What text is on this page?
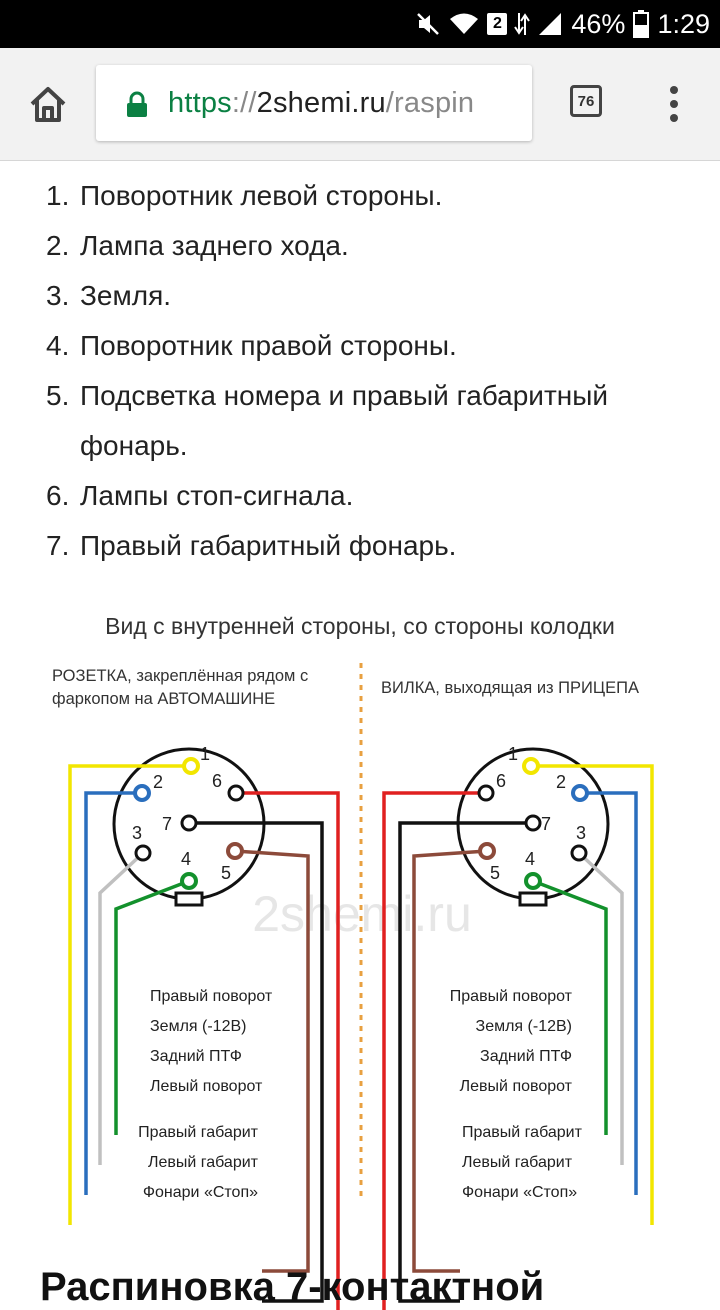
2	46% 1:29
https://2shemi.ru/raspin	76
1. Поворотник левой стороны.
2. Лампа заднего хода.
3. Земля.
4. Поворотник правой стороны.
5. Подсветка номера и правый габаритный фонарь.
6. Лампы стоп-сигнала.
7. Правый габаритный фонарь.
Вид с внутренней стороны, со стороны колодки
РОЗЕТКА, закреплённая рядом с
фаркопом на АВТОМАШИНЕ
ВИЛКА, выходящая из ПРИЦЕПА
2shemi.ru
1
2
3
4
5
6
7
Правый поворот
Земля (-12В)
Задний ПТФ
Левый поворот
Правый габарит
Левый габарит
Фонари «Стоп»
1
2
3
4
5
6
7
Правый поворот
Земля (-12В)
Задний ПТФ
Левый поворот
Правый габарит
Левый габарит
Фонари «Стоп»
Распиновка 7-контактной
